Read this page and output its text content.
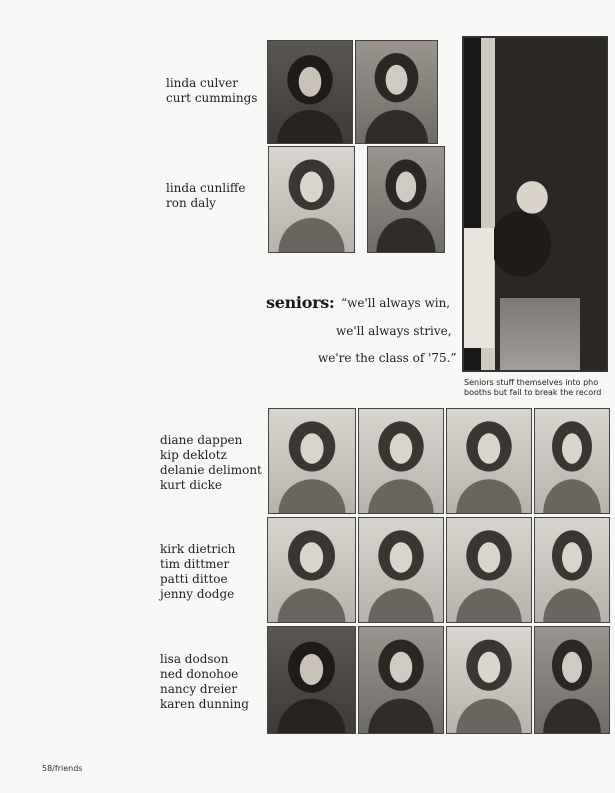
linda culver
curt cummings
linda cunliffe
ron daly
Seniors stuff themselves into pho
booths but fail to break the record
seniors: “we'll always win,
we'll always strive,
we're the class of '75.”
diane dappen
kip deklotz
delanie delimont
kurt dicke
kirk dietrich
tim dittmer
patti dittoe
jenny dodge
lisa dodson
ned donohoe
nancy dreier
karen dunning
58/friends
